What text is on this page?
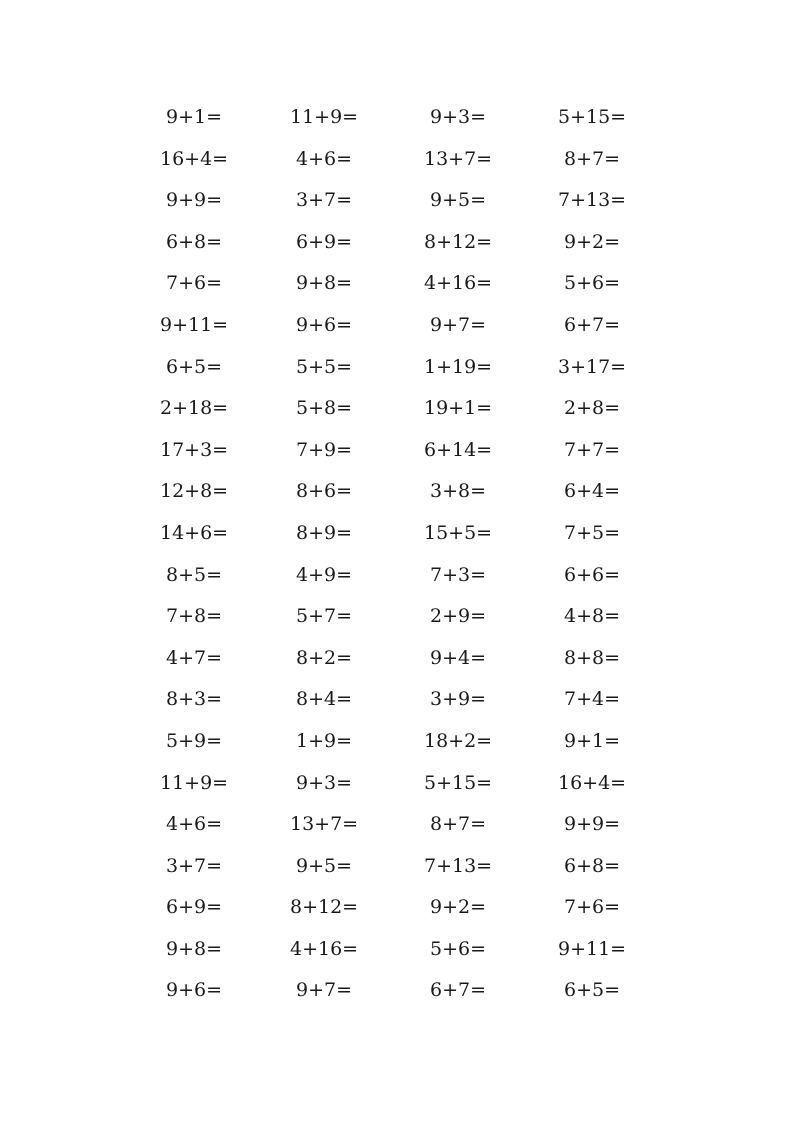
9+1=	11+9=	9+3=	5+15=
16+4=	4+6=	13+7=	8+7=
9+9=	3+7=	9+5=	7+13=
6+8=	6+9=	8+12=	9+2=
7+6=	9+8=	4+16=	5+6=
9+11=	9+6=	9+7=	6+7=
6+5=	5+5=	1+19=	3+17=
2+18=	5+8=	19+1=	2+8=
17+3=	7+9=	6+14=	7+7=
12+8=	8+6=	3+8=	6+4=
14+6=	8+9=	15+5=	7+5=
8+5=	4+9=	7+3=	6+6=
7+8=	5+7=	2+9=	4+8=
4+7=	8+2=	9+4=	8+8=
8+3=	8+4=	3+9=	7+4=
5+9=	1+9=	18+2=	9+1=
11+9=	9+3=	5+15=	16+4=
4+6=	13+7=	8+7=	9+9=
3+7=	9+5=	7+13=	6+8=
6+9=	8+12=	9+2=	7+6=
9+8=	4+16=	5+6=	9+11=
9+6=	9+7=	6+7=	6+5=
